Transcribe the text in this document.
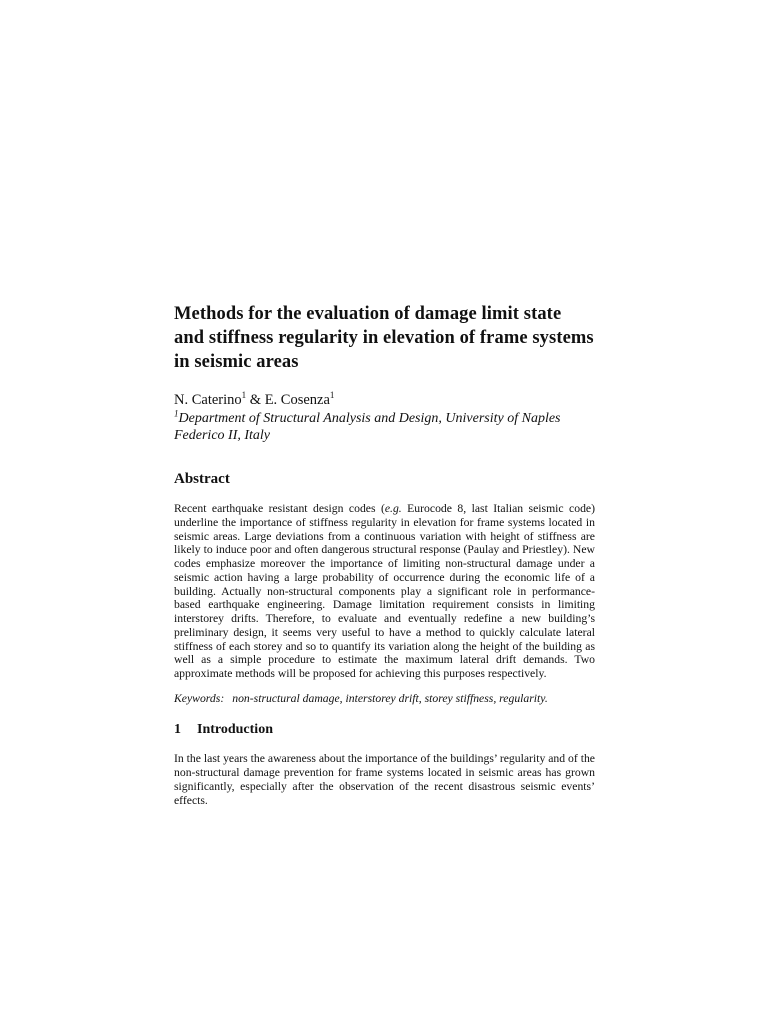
Methods for the evaluation of damage limit state and stiffness regularity in elevation of frame systems in seismic areas
N. Caterino$^1$ & E. Cosenza$^1$
$^1$Department of Structural Analysis and Design, University of Naples Federico II, Italy
Abstract

Recent earthquake resistant design codes (e.g. Eurocode 8, last Italian seismic code) underline the importance of stiffness regularity in elevation for frame systems located in seismic areas. Large deviations from a continuous variation with height of stiffness are likely to induce poor and often dangerous structural response (Paulay and Priestley). New codes emphasize moreover the importance of limiting non-structural damage under a seismic action having a large probability of occurrence during the economic life of a building. Actually non-structural components play a significant role in performance-based earthquake engineering. Damage limitation requirement consists in limiting interstorey drifts. Therefore, to evaluate and eventually redefine a new building’s preliminary design, it seems very useful to have a method to quickly calculate lateral stiffness of each storey and so to quantify its variation along the height of the building as well as a simple procedure to estimate the maximum lateral drift demands. Two approximate methods will be proposed for achieving this purposes respectively.

Keywords: non-structural damage, interstorey drift, storey stiffness, regularity.
1 Introduction

In the last years the awareness about the importance of the buildings’ regularity and of the non-structural damage prevention for frame systems located in seismic areas has grown significantly, especially after the observation of the recent disastrous seismic events’ effects.
